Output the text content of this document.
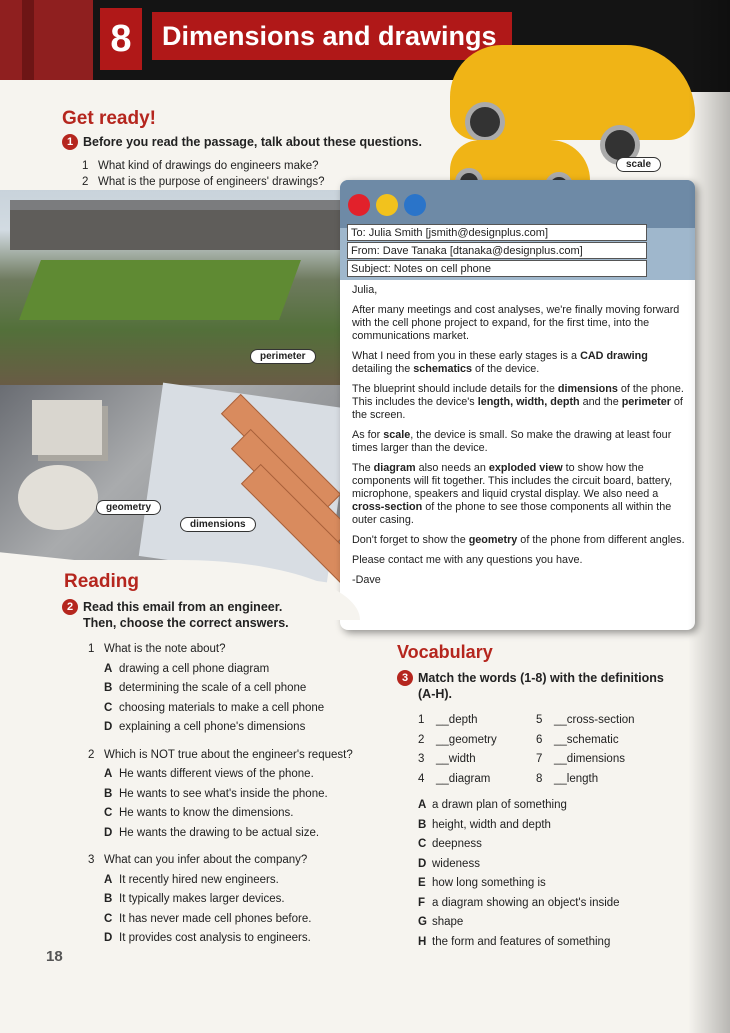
8	Dimensions and drawings
perimeter
geometry
dimensions
Get ready!
1 Before you read the passage, talk about these questions.
1 What kind of drawings do engineers make?
2 What is the purpose of engineers' drawings?
scale
To: Julia Smith [jsmith@designplus.com]
From: Dave Tanaka [dtanaka@designplus.com]
Subject: Notes on cell phone

Julia,

After many meetings and cost analyses, we're finally moving forward with the cell phone project to expand, for the first time, into the communications market.

What I need from you in these early stages is a CAD drawing detailing the schematics of the device.

The blueprint should include details for the dimensions of the phone. This includes the device's length, width, depth and the perimeter of the screen.

As for scale, the device is small. So make the drawing at least four times larger than the device.

The diagram also needs an exploded view to show how the components will fit together. This includes the circuit board, battery, microphone, speakers and liquid crystal display. We also need a cross-section of the phone to see those components all within the outer casing.

Don't forget to show the geometry of the phone from different angles.

Please contact me with any questions you have.

-Dave

Reading
2 Read this email from an engineer.
Then, choose the correct answers.
1 What is the note about?
A drawing a cell phone diagram
B determining the scale of a cell phone
C choosing materials to make a cell phone
D explaining a cell phone's dimensions
2 Which is NOT true about the engineer's request?
A He wants different views of the phone.
B He wants to see what's inside the phone.
C He wants to know the dimensions.
D He wants the drawing to be actual size.
3 What can you infer about the company?
A It recently hired new engineers.
B It typically makes larger devices.
C It has never made cell phones before.
D It provides cost analysis to engineers.
Vocabulary
3 Match the words (1-8) with the definitions
(A-H).
1 __depth	5 __cross-section
2 __geometry	6 __schematic
3 __width	7 __dimensions
4 __diagram	8 __length
A a drawn plan of something
B height, width and depth
C deepness
D wideness
E how long something is
F a diagram showing an object's inside
G shape
H the form and features of something
18
